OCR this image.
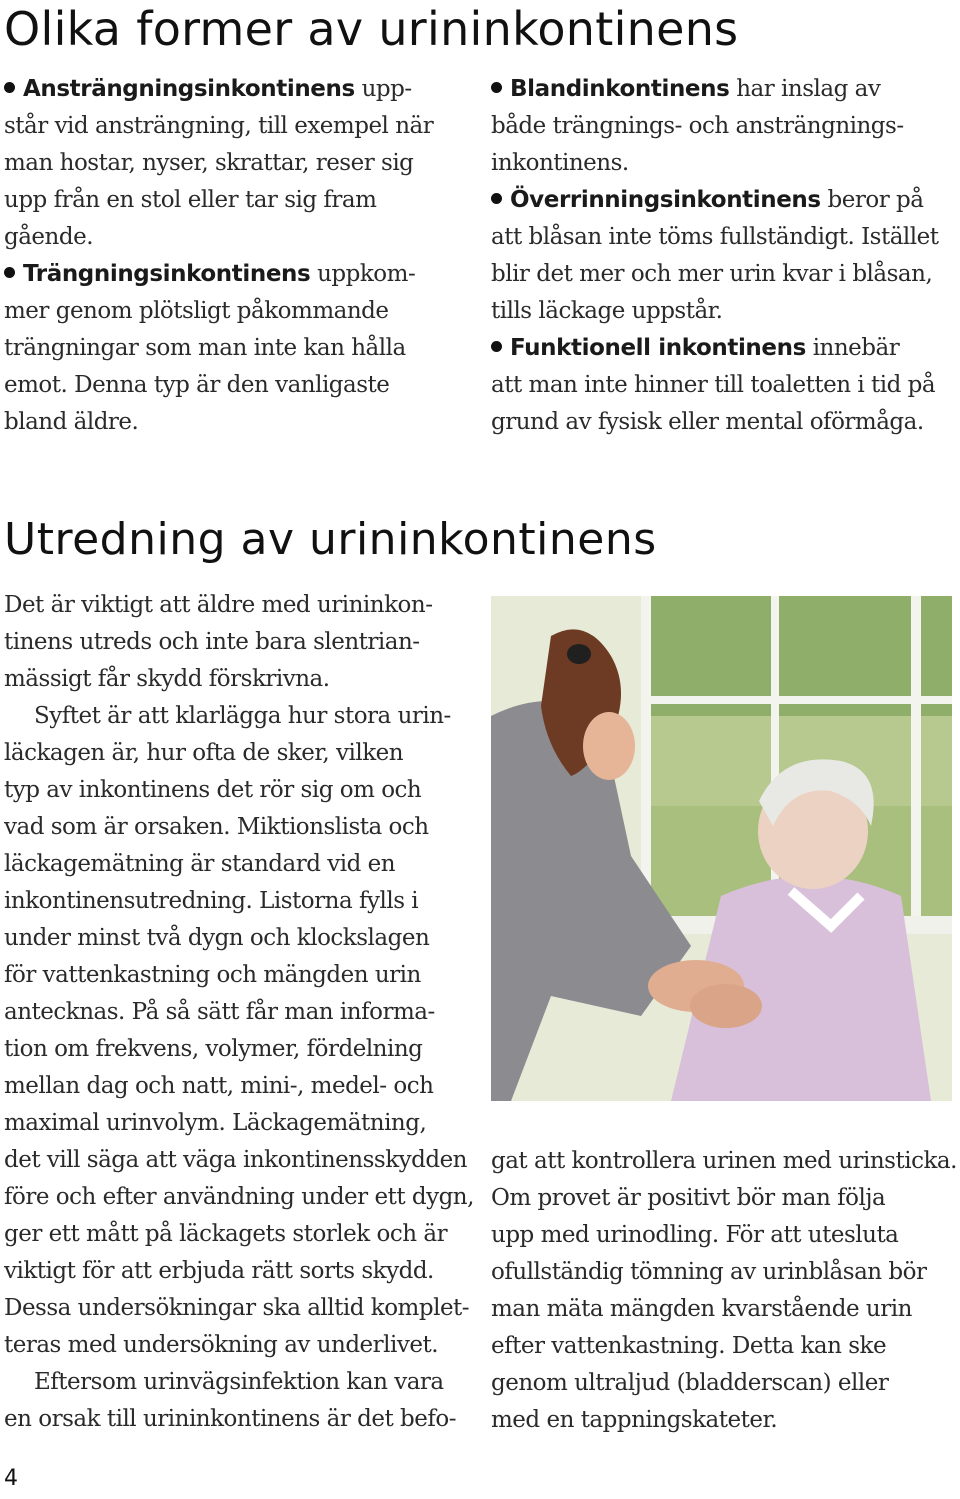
Olika former av urininkontinens

Ansträngningsinkontinens upp-
står vid ansträngning, till exempel när
man hostar, nyser, skrattar, reser sig
upp från en stol eller tar sig fram
gående.

Trängningsinkontinens uppkom-
mer genom plötsligt påkommande
trängningar som man inte kan hålla
emot. Denna typ är den vanligaste
bland äldre.

Blandinkontinens har inslag av
både trängnings- och ansträngnings-
inkontinens.

Överrinningsinkontinens beror på
att blåsan inte töms fullständigt. Istället
blir det mer och mer urin kvar i blåsan,
tills läckage uppstår.

Funktionell inkontinens innebär
att man inte hinner till toaletten i tid på
grund av fysisk eller mental oförmåga.

Utredning av urininkontinens

Det är viktigt att äldre med urininkon-
tinens utreds och inte bara slentrian-
mässigt får skydd förskrivna.

Syftet är att klarlägga hur stora urin-
läckagen är, hur ofta de sker, vilken
typ av inkontinens det rör sig om och
vad som är orsaken. Miktionslista och
läckagemätning är standard vid en
inkontinensutredning. Listorna fylls i
under minst två dygn och klockslagen
för vattenkastning och mängden urin
antecknas. På så sätt får man informa-
tion om frekvens, volymer, fördelning
mellan dag och natt, mini-, medel- och
maximal urinvolym. Läckagemätning,
det vill säga att väga inkontinensskydden
före och efter användning under ett dygn,
ger ett mått på läckagets storlek och är
viktigt för att erbjuda rätt sorts skydd.
Dessa undersökningar ska alltid komplet-
teras med undersökning av underlivet.

Eftersom urinvägsinfektion kan vara
en orsak till urininkontinens är det befo-

gat att kontrollera urinen med urinsticka.
Om provet är positivt bör man följa
upp med urinodling. För att utesluta
ofullständig tömning av urinblåsan bör
man mäta mängden kvarstående urin
efter vattenkastning. Detta kan ske
genom ultraljud (bladderscan) eller
med en tappningskateter.

4
